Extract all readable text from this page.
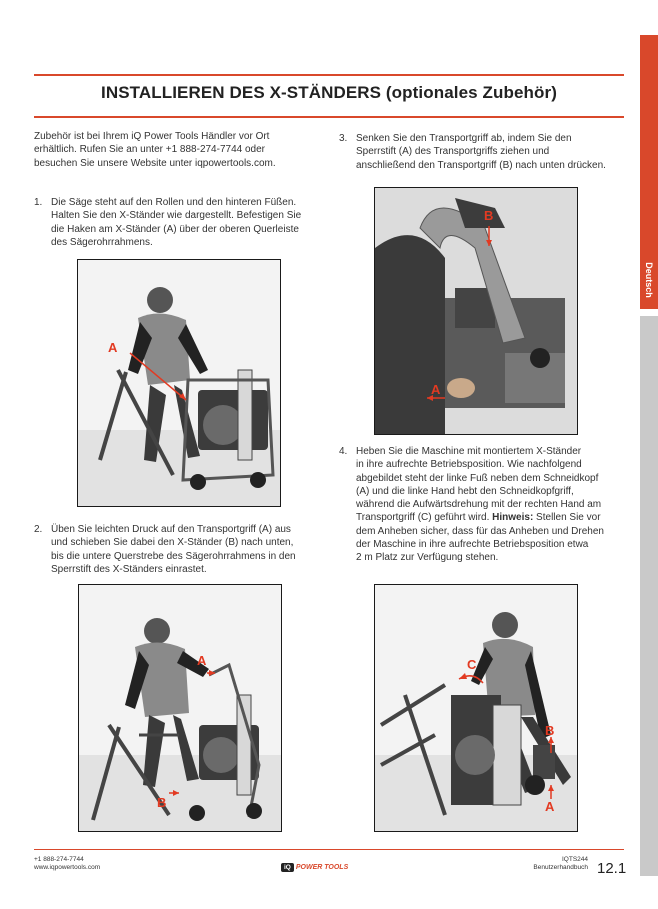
INSTALLIEREN DES X-STÄNDERS (optionales Zubehör)
Deutsch
Zubehör ist bei Ihrem iQ Power Tools Händler vor Ort
erhältlich. Rufen Sie an unter +1 888-274-7744 oder
besuchen Sie unsere Website unter iqpowertools.com.
1. Die Säge steht auf den Rollen und den hinteren Füßen.
Halten Sie den X-Ständer wie dargestellt. Befestigen Sie
die Haken am X-Ständer (A) über der oberen Querleiste
des Sägerohrrahmens.
A
2. Üben Sie leichten Druck auf den Transportgriff (A) aus
und schieben Sie dabei den X-Ständer (B) nach unten,
bis die untere Querstrebe des Sägerohrrahmens in den
Sperrstift des X-Ständers einrastet.
A
B
3. Senken Sie den Transportgriff ab, indem Sie den
Sperrstift (A) des Transportgriffs ziehen und
anschließend den Transportgriff (B) nach unten drücken.
B
A
4. Heben Sie die Maschine mit montiertem X-Ständer
in ihre aufrechte Betriebsposition. Wie nachfolgend
abgebildet steht der linke Fuß neben dem Schneidkopf
(A) und die linke Hand hebt den Schneidkopfgriff,
während die Aufwärtsdrehung mit der rechten Hand am
Transportgriff (C) geführt wird. Hinweis: Stellen Sie vor
dem Anheben sicher, dass für das Anheben und Drehen
der Maschine in ihre aufrechte Betriebsposition etwa
2 m Platz zur Verfügung stehen.
C
B
A
+1 888-274-7744
www.iqpowertools.com	iQ POWER TOOLS
IQTS244
Benutzerhandbuch 12.1
